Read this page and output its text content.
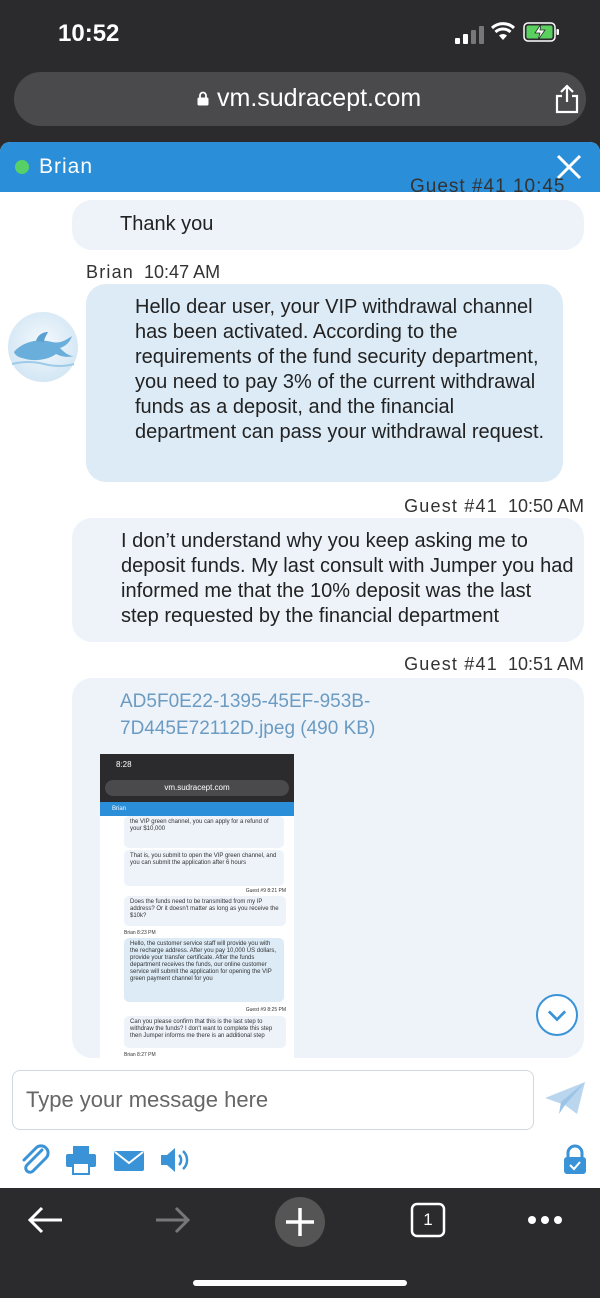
10:52
vm.sudracept.com
Brian
Guest #41 10:45
Thank you
Brian 10:47 AM
Hello dear user, your VIP withdrawal channel has been activated. According to the requirements of the fund security department, you need to pay 3% of the current withdrawal funds as a deposit, and the financial department can pass your withdrawal request.
Guest #41 10:50 AM
I don’t understand why you keep asking me to deposit funds. My last consult with Jumper you had informed me that the 10% deposit was the last step requested by the financial department
Guest #41 10:51 AM
AD5F0E22-1395-45EF-953B-7D445E72112D.jpeg (490 KB)
8:28
vm.sudracept.com
Brian
the VIP green channel, you can apply for a refund of your $10,000
That is, you submit to open the VIP green channel, and you can submit the application after 6 hours
Guest #9 8:21 PM
Does the funds need to be transmitted from my IP address? Or it doesn't matter as long as you receive the $10k?
Brian 8:23 PM
Hello, the customer service staff will provide you with the recharge address. After you pay 10,000 US dollars, provide your transfer certificate. After the funds department receives the funds, our online customer service will submit the application for opening the VIP green payment channel for you
Guest #9 8:25 PM
Can you please confirm that this is the last step to withdraw the funds? I don't want to complete this step then Jumper informs me there is an additional step
Brian 8:27 PM
Type your message here
1
